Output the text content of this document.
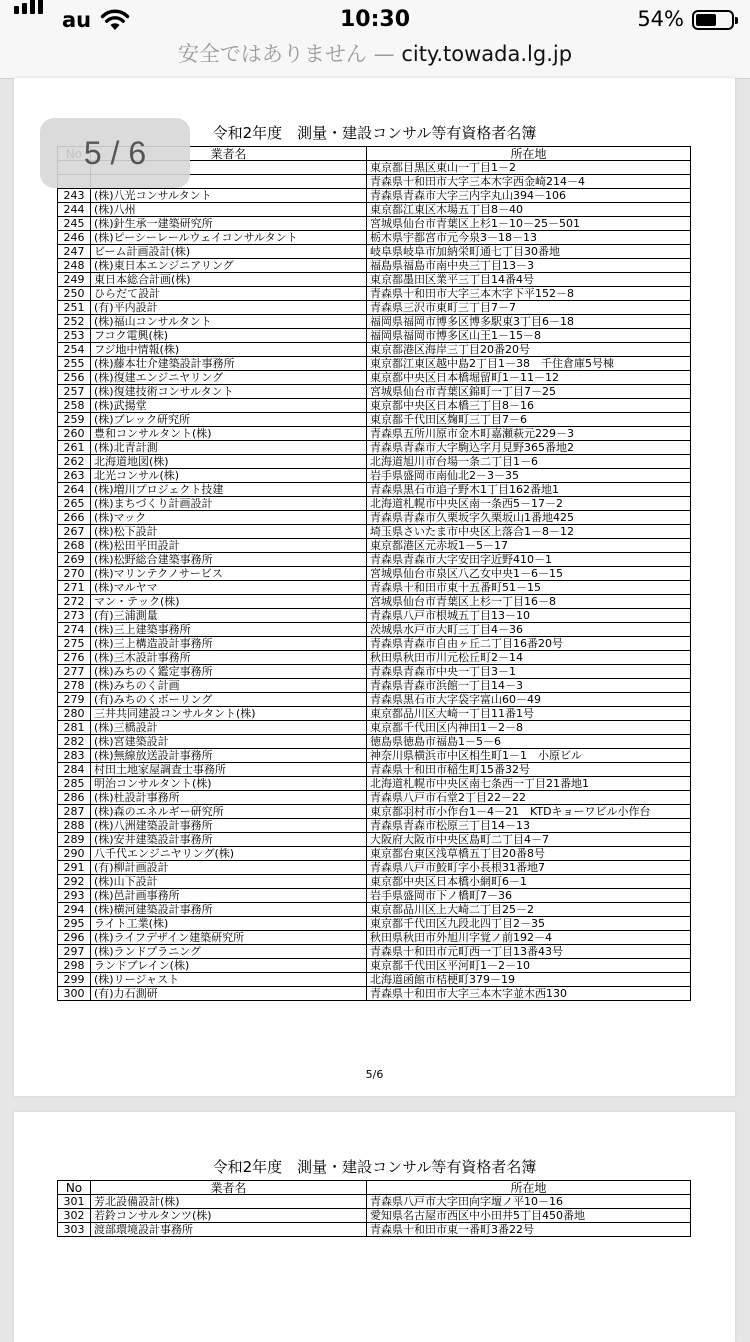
au	10:30	54%
安全ではありません — city.towada.lg.jp
令和2年度　測量・建設コンサル等有資格者名簿
	業者名	所在地
		東京都目黒区東山一丁目1－2
		青森県十和田市大字三本木字西金崎214－4
243	(株)八光コンサルタント	青森県青森市大字三内字丸山394－106
244	(株)八州	東京都江東区木場五丁目8－40
245	(株)針生承一建築研究所	宮城県仙台市青葉区上杉1－10－25－501
246	(株)ピーシーレールウェイコンサルタント	栃木県宇都宮市元今泉3－18－13
247	ビーム計画設計(株)	岐阜県岐阜市加納栄町通七丁目30番地
248	(株)東日本エンジニアリング	福島県福島市南中央三丁目13－3
249	東日本総合計画(株)	東京都墨田区業平三丁目14番4号
250	ひらだて設計	青森県十和田市大字三本木字下平152－8
251	(有)平内設計	青森県三沢市東町三丁目7－7
252	(株)福山コンサルタント	福岡県福岡市博多区博多駅東3丁目6－18
253	フコク電興(株)	福岡県福岡市博多区山王1－15－8
254	フジ地中情報(株)	東京都港区海岸三丁目20番20号
255	(株)藤本壮介建築設計事務所	東京都江東区越中島2丁目1－38　千住倉庫5号棟
256	(株)復建エンジニヤリング	東京都中央区日本橋堀留町1－11－12
257	(株)復建技術コンサルタント	宮城県仙台市青葉区錦町一丁目7－25
258	(株)武揚堂	東京都中央区日本橋三丁目8－16
259	(株)ブレック研究所	東京都千代田区麹町三丁目7－6
260	豊和コンサルタント(株)	青森県五所川原市金木町嘉瀬萩元229－3
261	(株)北青計測	青森県青森市大字駒込字月見野365番地2
262	北海道地図(株)	北海道旭川市台場一条二丁目1－6
263	北光コンサル(株)	岩手県盛岡市南仙北2－3－35
264	(株)増川プロジェクト技建	青森県黒石市追子野木1丁目162番地1
265	(株)まちづくり計画設計	北海道札幌市中央区南一条西5－17－2
266	(株)マック	青森県青森市久栗坂字久栗坂山1番地425
267	(株)松下設計	埼玉県さいたま市中央区上落合1－8－12
268	(株)松田平田設計	東京都港区元赤坂1－5－17
269	(株)松野総合建築事務所	青森県青森市大字安田字近野410－1
270	(株)マリンテクノサービス	宮城県仙台市泉区八乙女中央1－6－15
271	(株)マルヤマ	青森県十和田市東十五番町51－15
272	マン・テック(株)	宮城県仙台市青葉区上杉一丁目16－8
273	(有)三浦測量	青森県八戸市根城五丁目13－10
274	(株)三上建築事務所	茨城県水戸市大町三丁目4－36
275	(株)三上構造設計事務所	青森県青森市自由ヶ丘二丁目16番20号
276	(株)三木設計事務所	秋田県秋田市川元松丘町2－14
277	(株)みちのく鑑定事務所	青森県青森市中央一丁目3－1
278	(株)みちのく計画	青森県青森市浜館一丁目14－3
279	(有)みちのくボーリング	青森県黒石市大字袋字富山60－49
280	三井共同建設コンサルタント(株)	東京都品川区大崎一丁目11番1号
281	(株)三橋設計	東京都千代田区内神田1－2－8
282	(株)宮建築設計	徳島県徳島市福島1－5－6
283	(株)無線放送設計事務所	神奈川県横浜市中区相生町1－1　小原ビル
284	村田土地家屋調査士事務所	青森県十和田市稲生町15番32号
285	明治コンサルタント(株)	北海道札幌市中央区南七条西一丁目21番地1
286	(株)杜設計事務所	青森県八戸市石堂2丁目22－22
287	(株)森のエネルギー研究所	東京都羽村市小作台1－4－21　KTDキョーワビル小作台
288	(株)八洲建築設計事務所	青森県青森市松原三丁目14－13
289	(株)安井建築設計事務所	大阪府大阪市中央区島町二丁目4－7
290	八千代エンジニヤリング(株)	東京都台東区浅草橋五丁目20番8号
291	(有)柳計画設計	青森県八戸市鮫町字小長根31番地7
292	(株)山下設計	東京都中央区日本橋小網町6－1
293	(株)邑計画事務所	岩手県盛岡市下ノ橋町7－36
294	(株)横河建築設計事務所	東京都品川区上大崎二丁目25－2
295	ライト工業(株)	東京都千代田区九段北四丁目2－35
296	(株)ライフデザイン建築研究所	秋田県秋田市外旭川字覚ノ前192－4
297	(株)ランドプラニング	青森県十和田市元町西一丁目13番43号
298	ランドブレイン(株)	東京都千代田区平河町1－2－10
299	(株)リージャスト	北海道函館市桔梗町379－19
300	(有)力石測研	青森県十和田市大字三本木字並木西130
5/6
令和2年度　測量・建設コンサル等有資格者名簿
No	業者名	所在地
301	芳北設備設計(株)	青森県八戸市大字田向字壇ノ平10－16
302	若鈴コンサルタンツ(株)	愛知県名古屋市西区中小田井5丁目450番地
303	渡部環境設計事務所	青森県十和田市東一番町3番22号
5 / 6
